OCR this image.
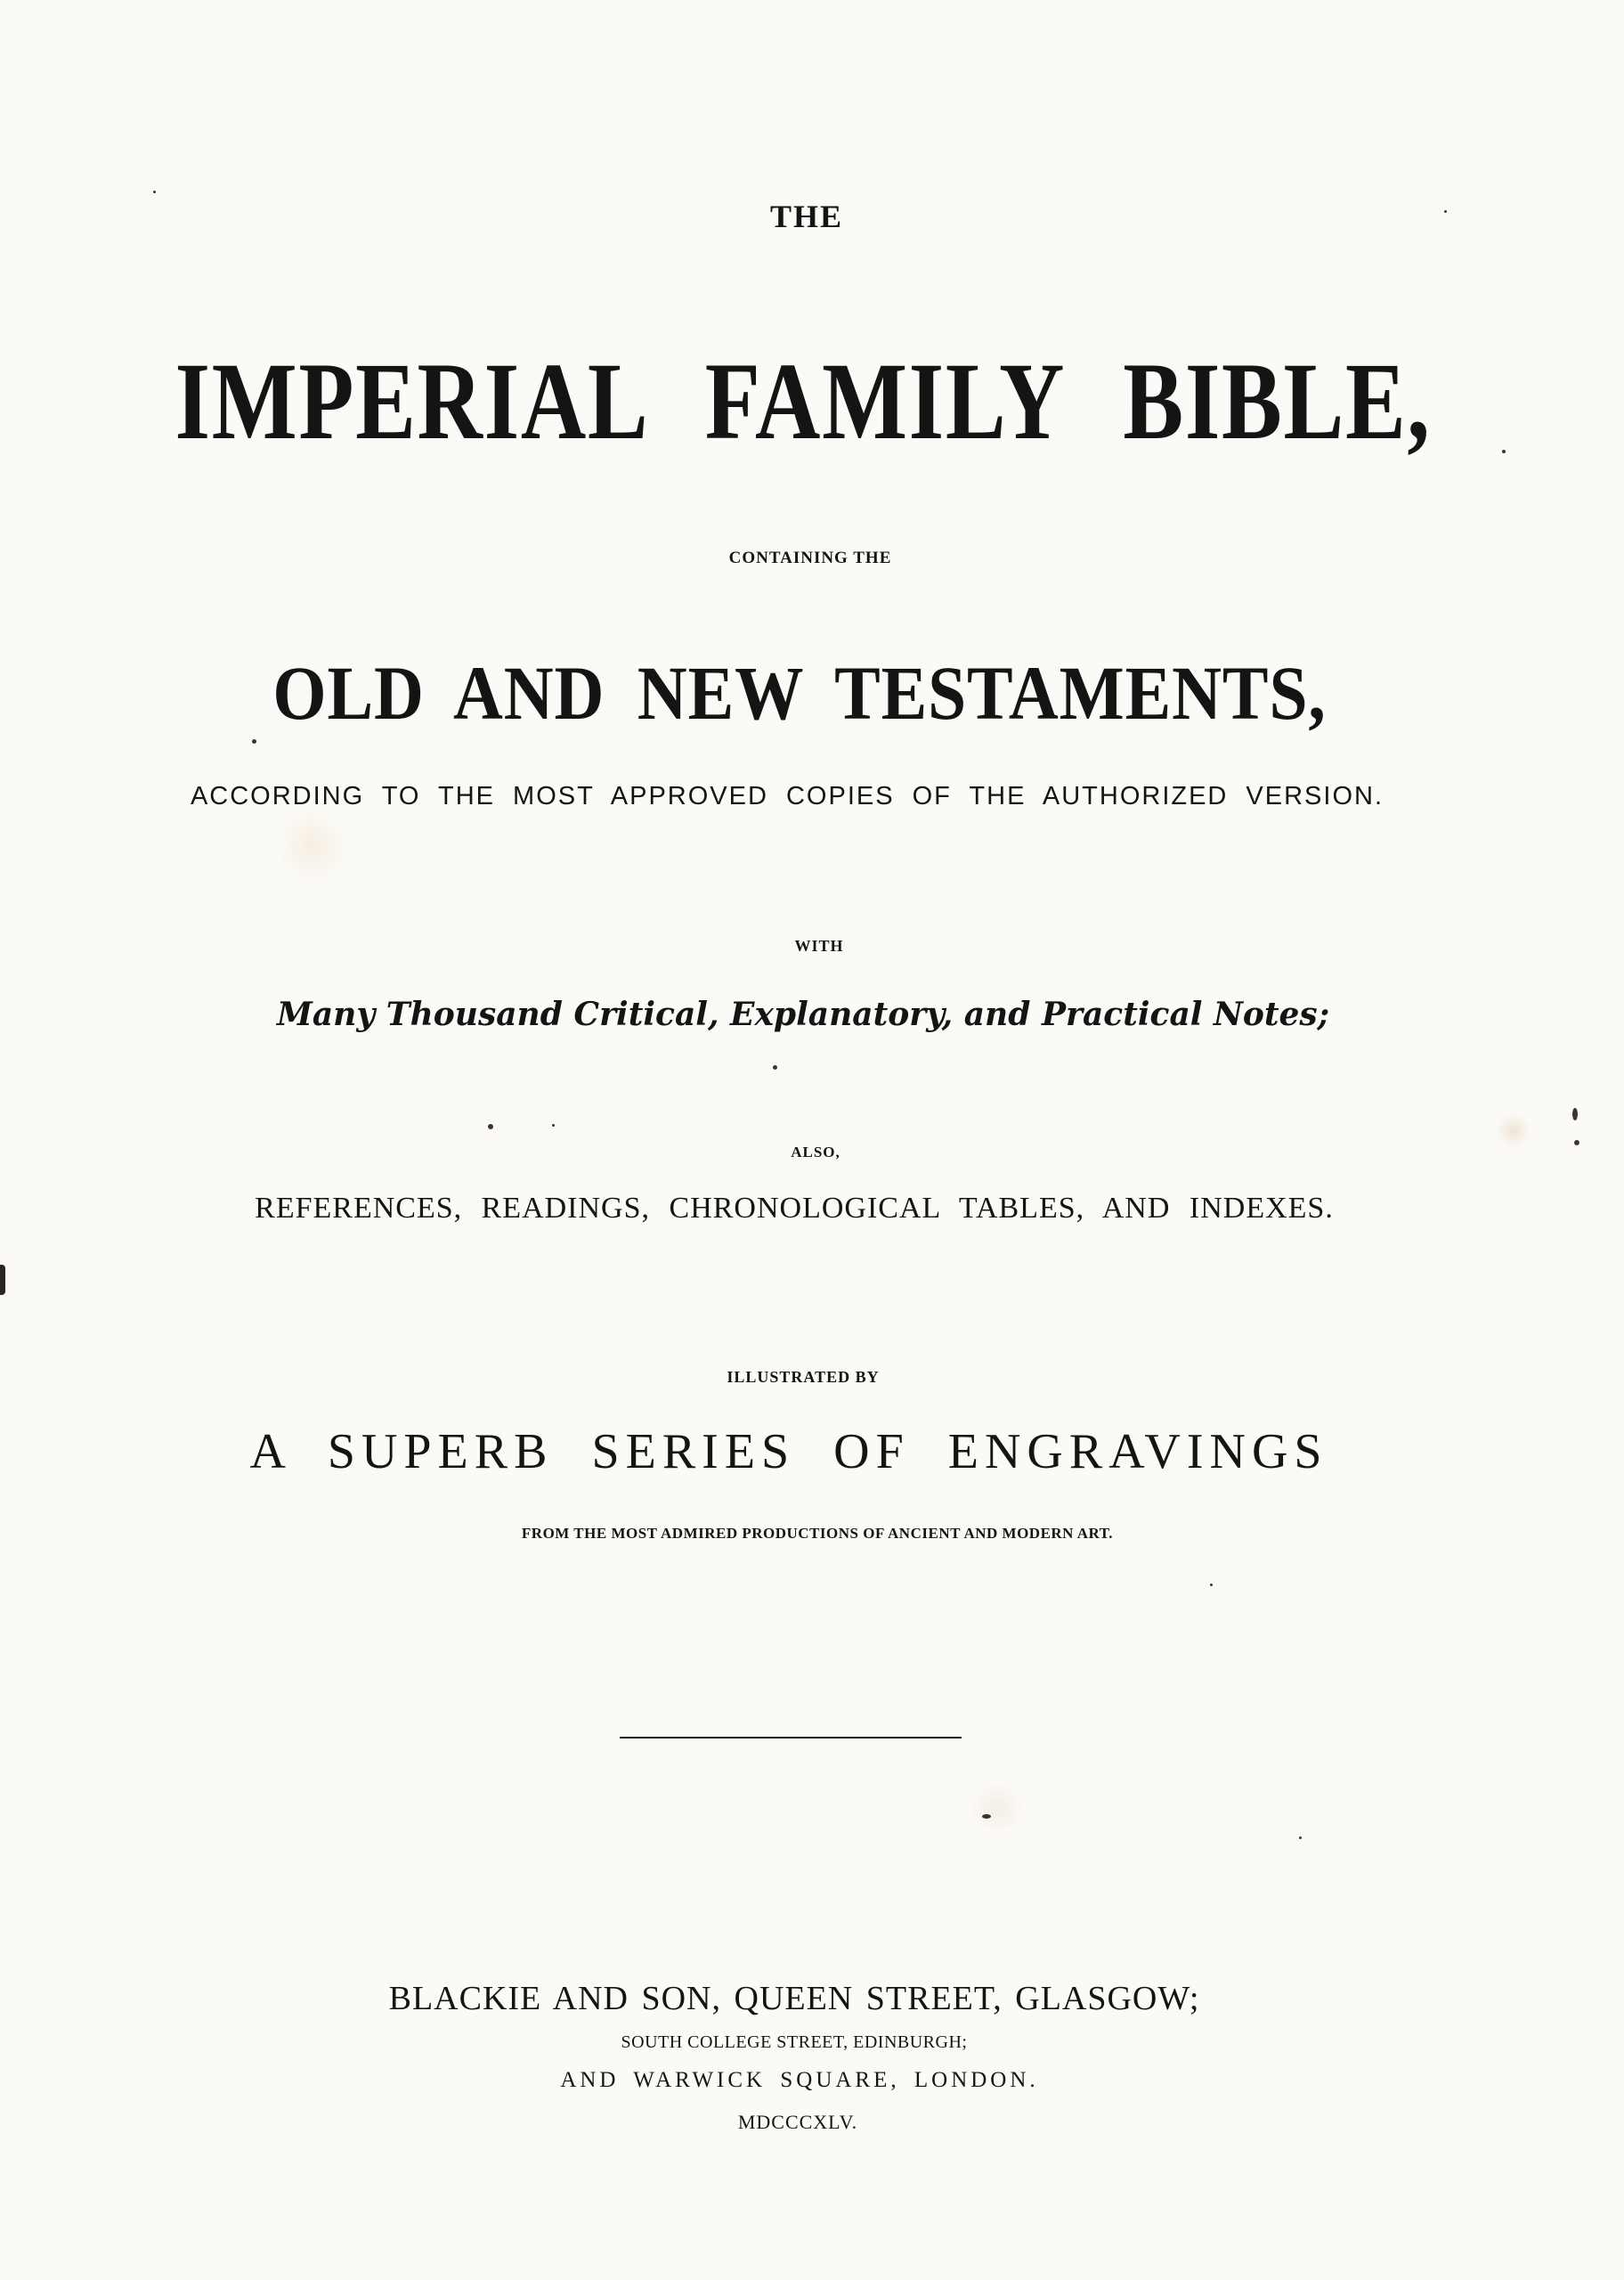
THE
IMPERIAL FAMILY BIBLE,
CONTAINING THE
OLD AND NEW TESTAMENTS,
ACCORDING TO THE MOST APPROVED COPIES OF THE AUTHORIZED VERSION.
WITH
Many Thousand Critical, Explanatory, and Practical Notes;
ALSO,
REFERENCES, READINGS, CHRONOLOGICAL TABLES, AND INDEXES.
ILLUSTRATED BY
A SUPERB SERIES OF ENGRAVINGS
FROM THE MOST ADMIRED PRODUCTIONS OF ANCIENT AND MODERN ART.
BLACKIE AND SON, QUEEN STREET, GLASGOW;
SOUTH COLLEGE STREET, EDINBURGH;
AND WARWICK SQUARE, LONDON.
MDCCCXLV.
